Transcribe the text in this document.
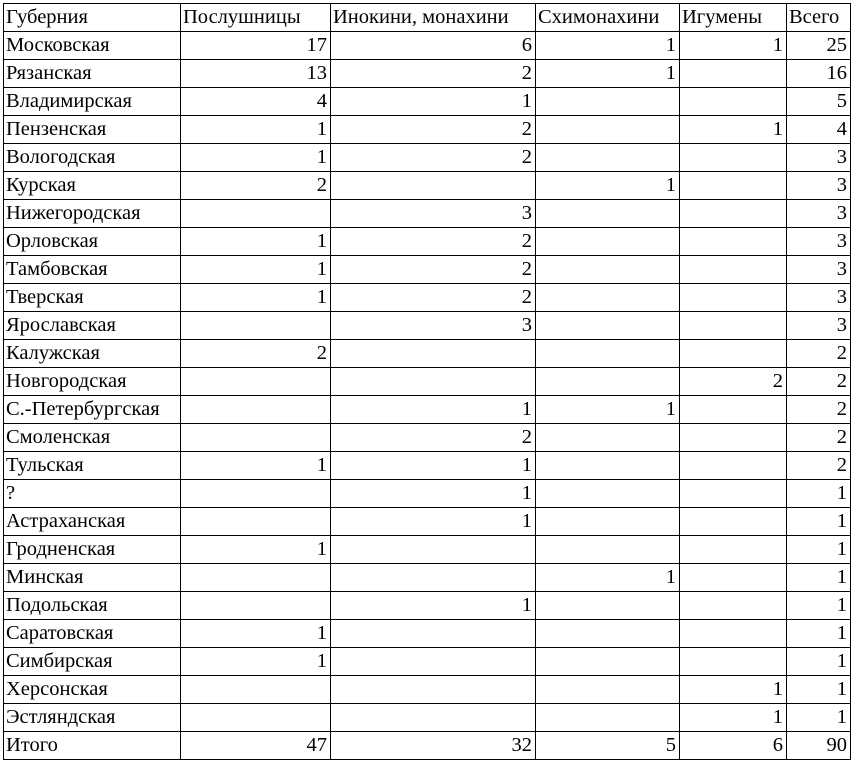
Губерния	Послушницы	Инокини, монахини	Схимонахини	Игумены	Всего
Московская	17	6	1	1	25
Рязанская	13	2	1		16
Владимирская	4	1			5
Пензенская	1	2		1	4
Вологодская	1	2			3
Курская	2		1		3
Нижегородская		3			3
Орловская	1	2			3
Тамбовская	1	2			3
Тверская	1	2			3
Ярославская		3			3
Калужская	2				2
Новгородская				2	2
С.-Петербургская		1	1		2
Смоленская		2			2
Тульская	1	1			2
?		1			1
Астраханская		1			1
Гродненская	1				1
Минская			1		1
Подольская		1			1
Саратовская	1				1
Симбирская	1				1
Херсонская				1	1
Эстляндская				1	1
Итого	47	32	5	6	90
